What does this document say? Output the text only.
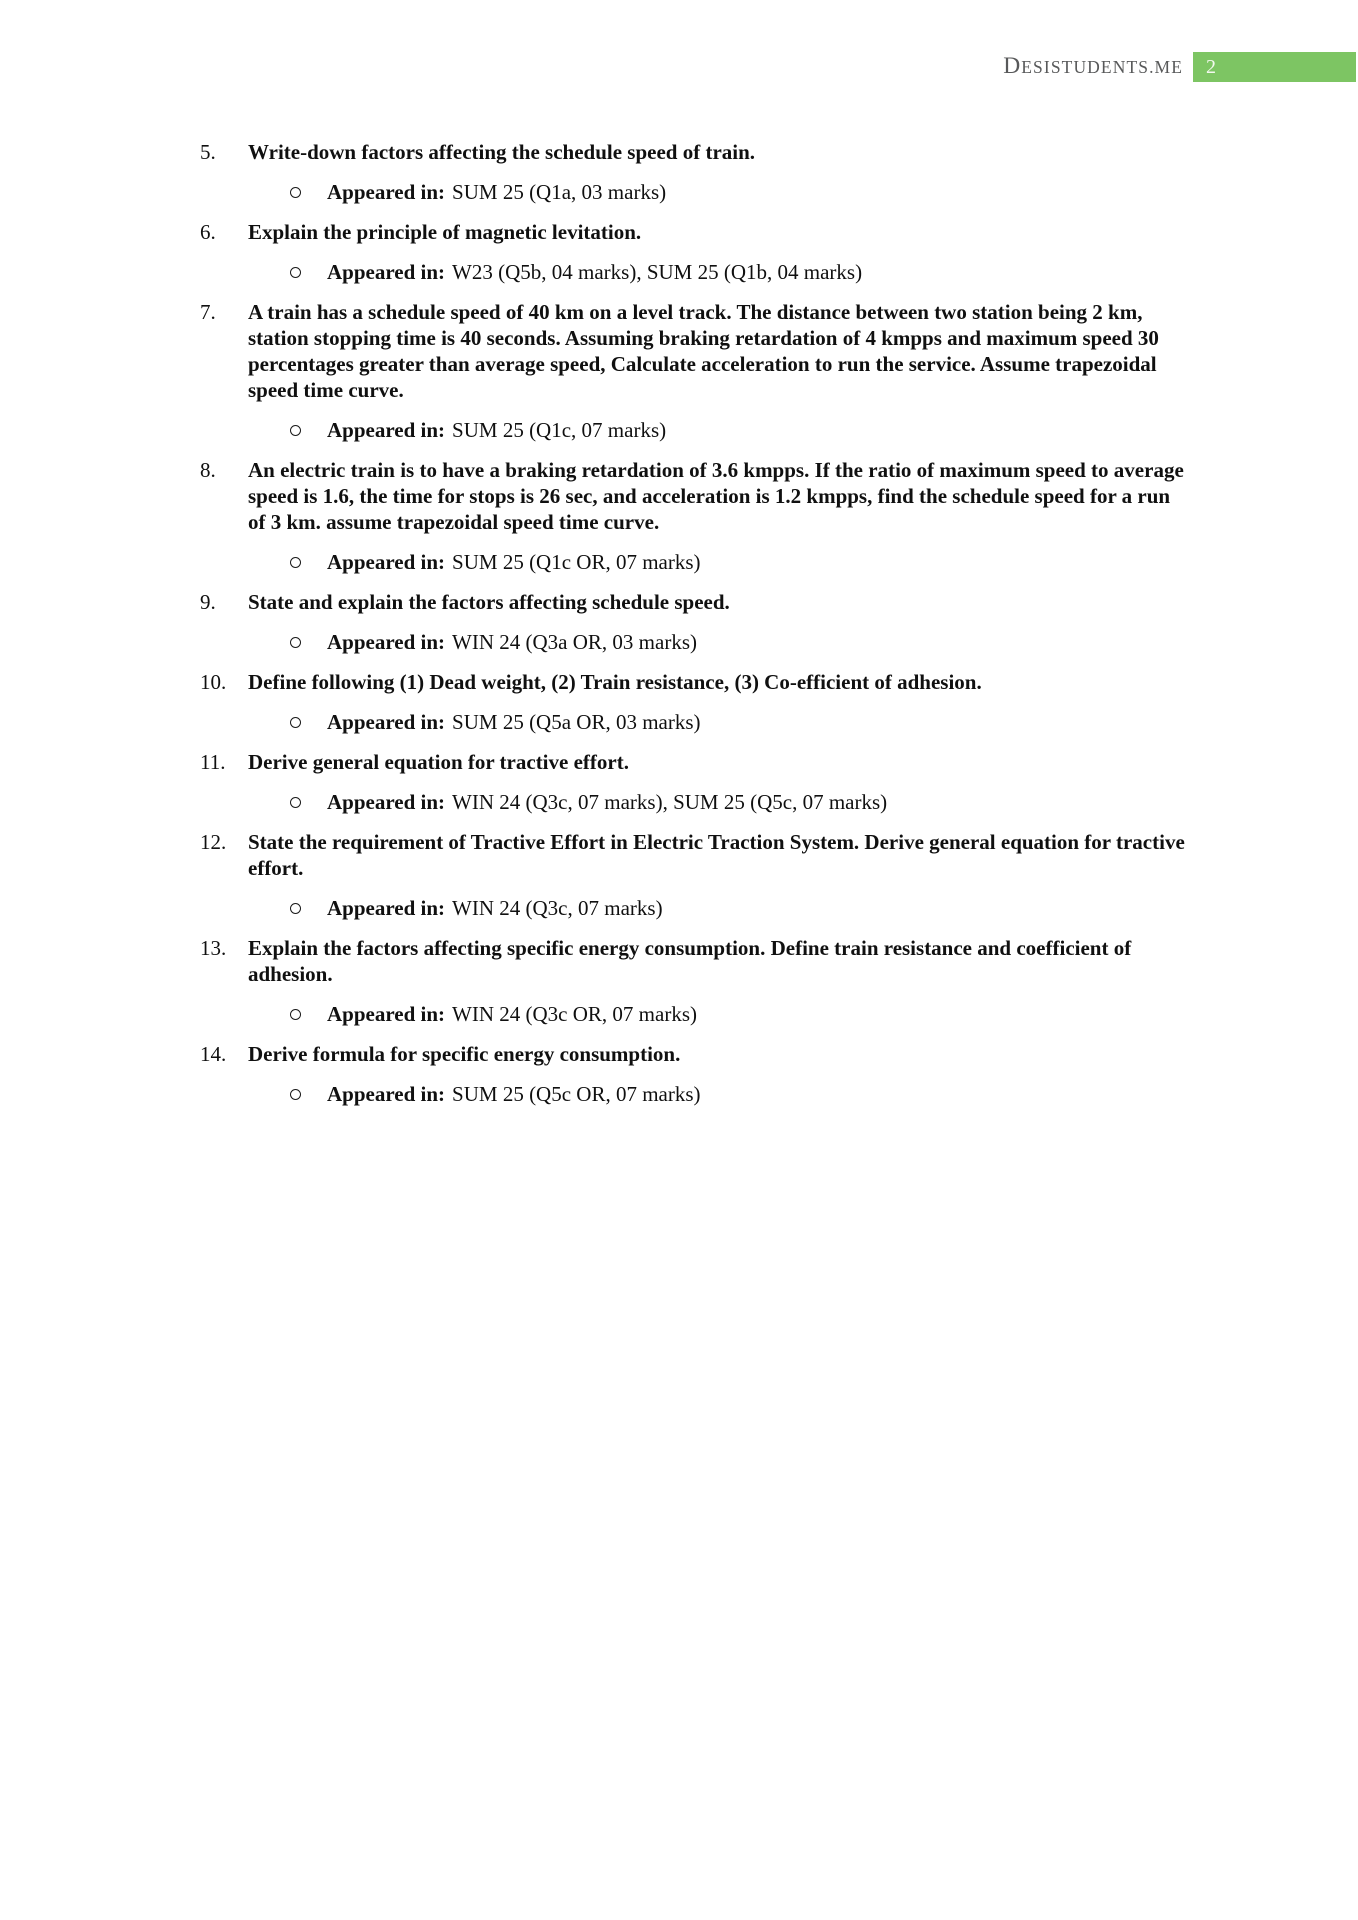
DESISTUDENTS.ME	2
5.	Write-down factors affecting the schedule speed of train.
Appeared in: SUM 25 (Q1a, 03 marks)
6.	Explain the principle of magnetic levitation.
Appeared in: W23 (Q5b, 04 marks), SUM 25 (Q1b, 04 marks)
7.	A train has a schedule speed of 40 km on a level track. The distance between two station being 2 km, station stopping time is 40 seconds. Assuming braking retardation of 4 kmpps and maximum speed 30 percentages greater than average speed, Calculate acceleration to run the service. Assume trapezoidal speed time curve.
Appeared in: SUM 25 (Q1c, 07 marks)
8.	An electric train is to have a braking retardation of 3.6 kmpps. If the ratio of maximum speed to average speed is 1.6, the time for stops is 26 sec, and acceleration is 1.2 kmpps, find the schedule speed for a run of 3 km. assume trapezoidal speed time curve.
Appeared in: SUM 25 (Q1c OR, 07 marks)
9.	State and explain the factors affecting schedule speed.
Appeared in: WIN 24 (Q3a OR, 03 marks)
10.	Define following (1) Dead weight, (2) Train resistance, (3) Co-efficient of adhesion.
Appeared in: SUM 25 (Q5a OR, 03 marks)
11.	Derive general equation for tractive effort.
Appeared in: WIN 24 (Q3c, 07 marks), SUM 25 (Q5c, 07 marks)
12.	State the requirement of Tractive Effort in Electric Traction System. Derive general equation for tractive effort.
Appeared in: WIN 24 (Q3c, 07 marks)
13.	Explain the factors affecting specific energy consumption. Define train resistance and coefficient of adhesion.
Appeared in: WIN 24 (Q3c OR, 07 marks)
14.	Derive formula for specific energy consumption.
Appeared in: SUM 25 (Q5c OR, 07 marks)
